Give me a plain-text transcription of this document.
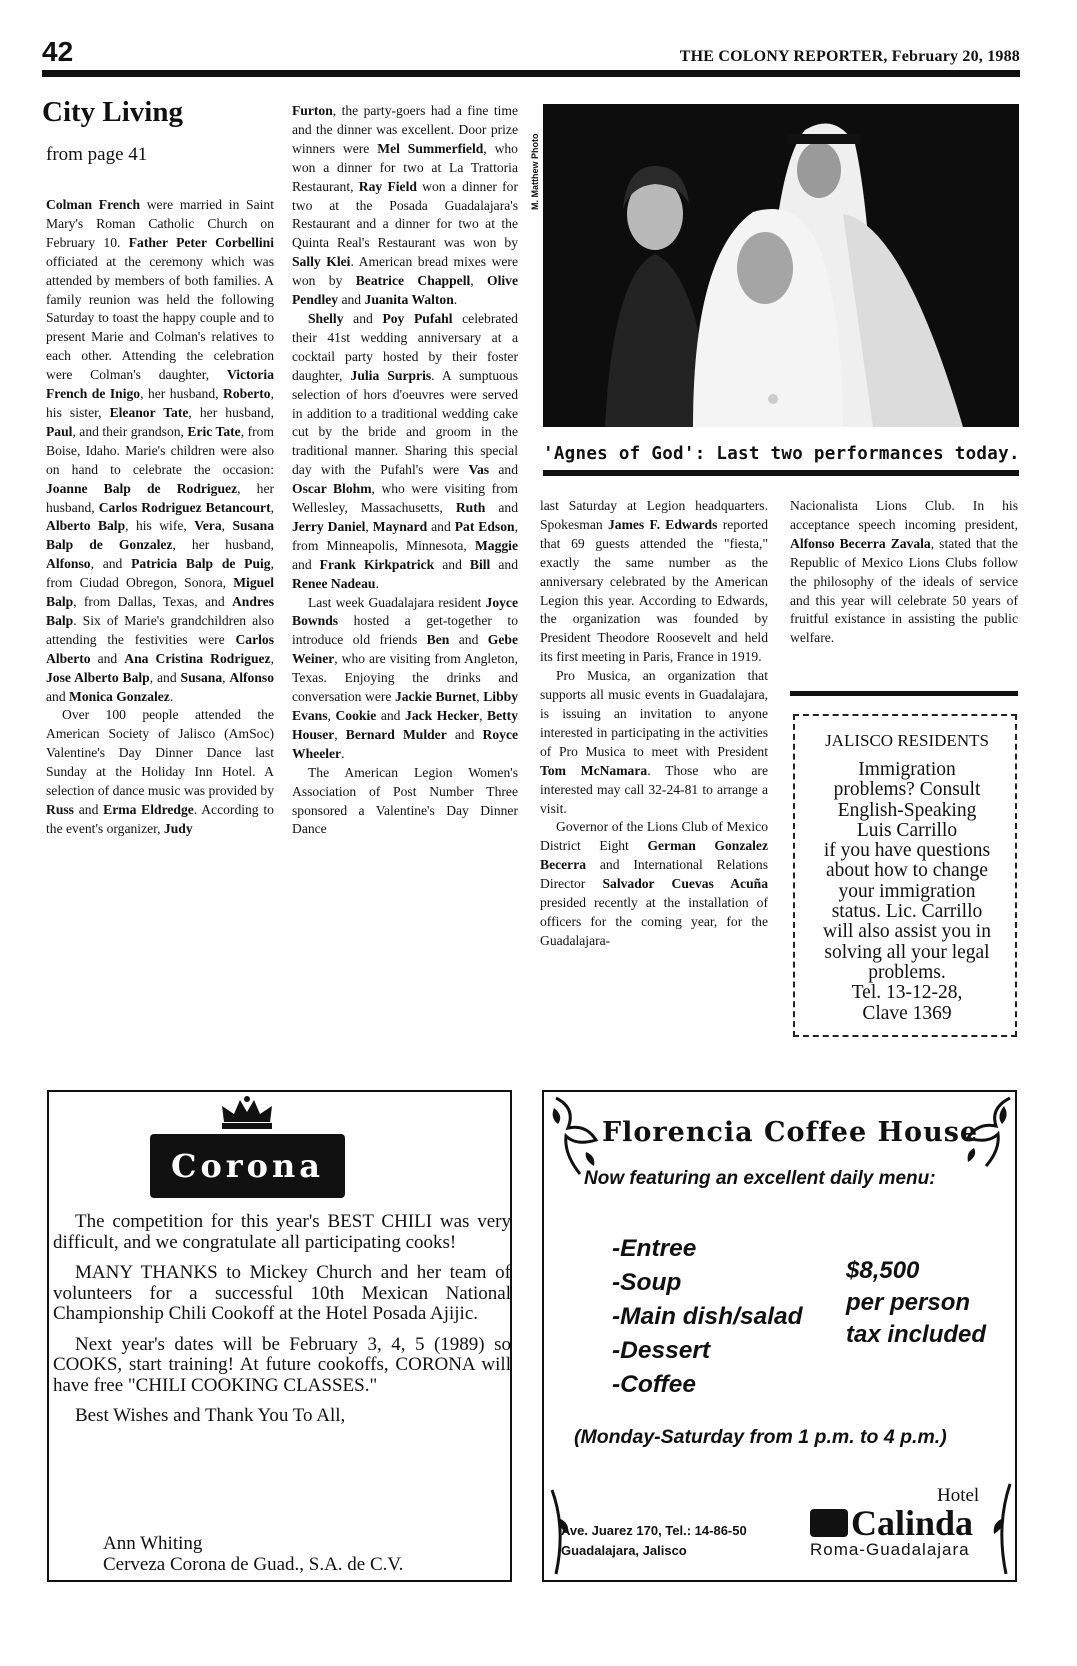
42	THE COLONY REPORTER, February 20, 1988
City Living
from page 41

Colman French were married in Saint Mary's Roman Catholic Church on February 10. Father Peter Corbellini officiated at the ceremony which was attended by members of both families. A family reunion was held the following Saturday to toast the happy couple and to present Marie and Colman's relatives to each other. Attending the celebration were Colman's daughter, Victoria French de Inigo, her husband, Roberto, his sister, Eleanor Tate, her husband, Paul, and their grandson, Eric Tate, from Boise, Idaho. Marie's children were also on hand to celebrate the occasion: Joanne Balp de Rodriguez, her husband, Carlos Rodriguez Betancourt, Alberto Balp, his wife, Vera, Susana Balp de Gonzalez, her husband, Alfonso, and Patricia Balp de Puig, from Ciudad Obregon, Sonora, Miguel Balp, from Dallas, Texas, and Andres Balp. Six of Marie's grandchildren also attending the festivities were Carlos Alberto and Ana Cristina Rodriguez, Jose Alberto Balp, and Susana, Alfonso and Monica Gonzalez.

Over 100 people attended the American Society of Jalisco (AmSoc) Valentine's Day Dinner Dance last Sunday at the Holiday Inn Hotel. A selection of dance music was provided by Russ and Erma Eldredge. According to the event's organizer, Judy

Furton, the party-goers had a fine time and the dinner was excellent. Door prize winners were Mel Summerfield, who won a dinner for two at La Trattoria Restaurant, Ray Field won a dinner for two at the Posada Guadalajara's Restaurant and a dinner for two at the Quinta Real's Restaurant was won by Sally Klei. American bread mixes were won by Beatrice Chappell, Olive Pendley and Juanita Walton.

Shelly and Poy Pufahl celebrated their 41st wedding anniversary at a cocktail party hosted by their foster daughter, Julia Surpris. A sumptuous selection of hors d'oeuvres were served in addition to a traditional wedding cake cut by the bride and groom in the traditional manner. Sharing this special day with the Pufahl's were Vas and Oscar Blohm, who were visiting from Wellesley, Massachusetts, Ruth and Jerry Daniel, Maynard and Pat Edson, from Minneapolis, Minnesota, Maggie and Frank Kirkpatrick and Bill and Renee Nadeau.

Last week Guadalajara resident Joyce Bownds hosted a get-together to introduce old friends Ben and Gebe Weiner, who are visiting from Angleton, Texas. Enjoying the drinks and conversation were Jackie Burnet, Libby Evans, Cookie and Jack Hecker, Betty Houser, Bernard Mulder and Royce Wheeler.

The American Legion Women's Association of Post Number Three sponsored a Valentine's Day Dinner Dance

M. Matthew Photo
'Agnes of God': Last two performances today.

last Saturday at Legion headquarters. Spokesman James F. Edwards reported that 69 guests attended the "fiesta," exactly the same number as the anniversary celebrated by the American Legion this year. According to Edwards, the organization was founded by President Theodore Roosevelt and held its first meeting in Paris, France in 1919.

Pro Musica, an organization that supports all music events in Guadalajara, is issuing an invitation to anyone interested in participating in the activities of Pro Musica to meet with President Tom McNamara. Those who are interested may call 32-24-81 to arrange a visit.

Governor of the Lions Club of Mexico District Eight German Gonzalez Becerra and International Relations Director Salvador Cuevas Acuña presided recently at the installation of officers for the coming year, for the Guadalajara-

Nacionalista Lions Club. In his acceptance speech incoming president, Alfonso Becerra Zavala, stated that the Republic of Mexico Lions Clubs follow the philosophy of the ideals of service and this year will celebrate 50 years of fruitful existance in assisting the public welfare.

JALISCO RESIDENTS
Immigration
problems? Consult
English-Speaking
Luis Carrillo
if you have questions
about how to change
your immigration
status. Lic. Carrillo
will also assist you in
solving all your legal
problems.
Tel. 13-12-28,
Clave 1369
Corona

The competition for this year's BEST CHILI was very difficult, and we congratulate all participating cooks!

MANY THANKS to Mickey Church and her team of volunteers for a successful 10th Mexican National Championship Chili Cookoff at the Hotel Posada Ajijic.

Next year's dates will be February 3, 4, 5 (1989) so COOKS, start training! At future cookoffs, CORONA will have free "CHILI COOKING CLASSES."

Best Wishes and Thank You To All,

Ann Whiting
Cerveza Corona de Guad., S.A. de C.V.
Florencia Coffee House
Now featuring an excellent daily menu:
-Entree
-Soup
-Main dish/salad
-Dessert
-Coffee
$8,500
per person
tax included
(Monday-Saturday from 1 p.m. to 4 p.m.)
Ave. Juarez 170, Tel.: 14-86-50
Guadalajara, Jalisco
Hotel
Calinda
Roma-Guadalajara
